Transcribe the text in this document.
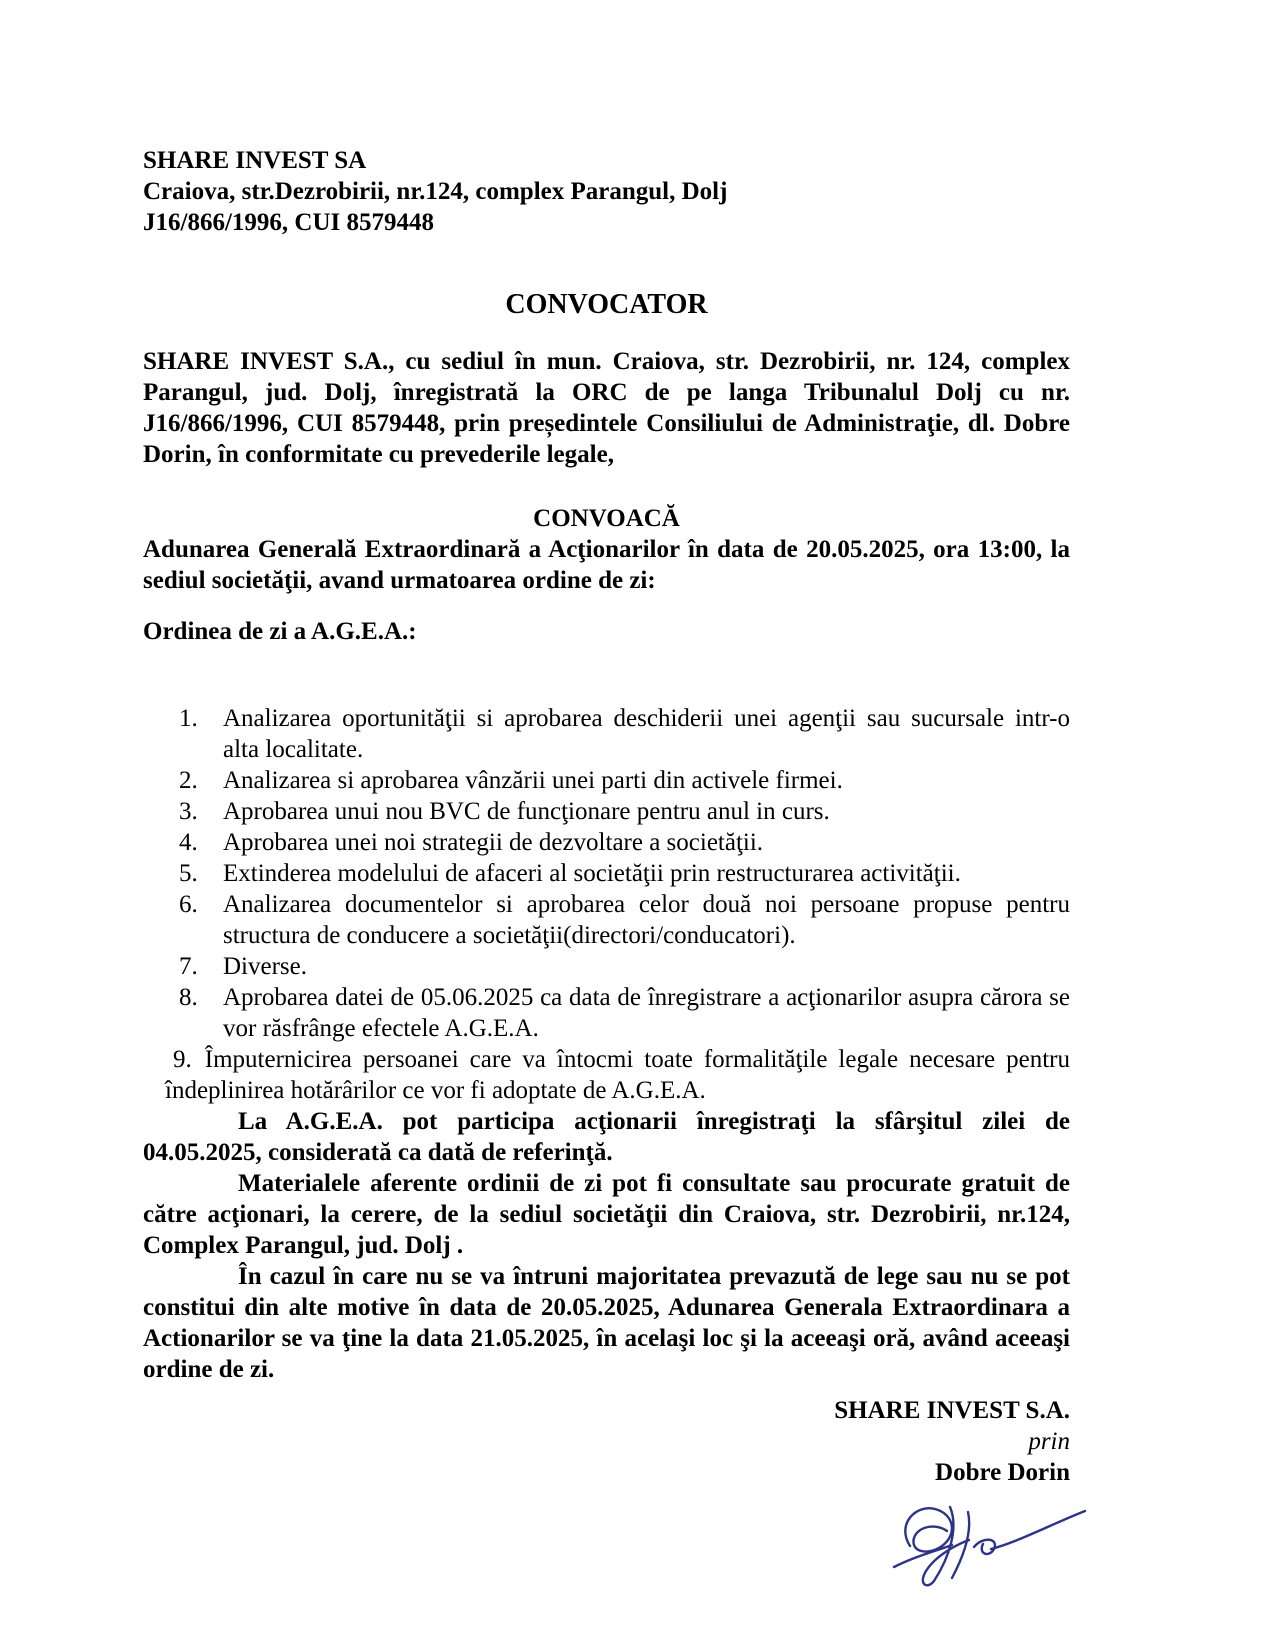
SHARE INVEST SA
Craiova, str.Dezrobirii, nr.124, complex Parangul, Dolj
J16/866/1996, CUI 8579448
CONVOCATOR
SHARE INVEST S.A., cu sediul în mun. Craiova, str. Dezrobirii, nr. 124, complex Parangul, jud. Dolj, înregistrată la ORC de pe langa Tribunalul Dolj cu nr. J16/866/1996, CUI 8579448, prin președintele Consiliului de Administraţie, dl. Dobre Dorin, în conformitate cu prevederile legale,
CONVOACĂ
Adunarea Generală Extraordinară a Acţionarilor în data de 20.05.2025, ora 13:00, la sediul societăţii, avand urmatoarea ordine de zi:
Ordinea de zi a A.G.E.A.:
1. Analizarea oportunităţii si aprobarea deschiderii unei agenţii sau sucursale intr-o alta localitate.
2. Analizarea si aprobarea vânzării unei parti din activele firmei.
3. Aprobarea unui nou BVC de funcţionare pentru anul in curs.
4. Aprobarea unei noi strategii de dezvoltare a societăţii.
5. Extinderea modelului de afaceri al societăţii prin restructurarea activităţii.
6. Analizarea documentelor si aprobarea celor două noi persoane propuse pentru structura de conducere a societăţii(directori/conducatori).
7. Diverse.
8. Aprobarea datei de 05.06.2025 ca data de înregistrare a acţionarilor asupra cărora se vor răsfrânge efectele A.G.E.A.
9. Împuternicirea persoanei care va întocmi toate formalităţile legale necesare pentru îndeplinirea hotărârilor ce vor fi adoptate de A.G.E.A.

La A.G.E.A. pot participa acţionarii înregistraţi la sfârşitul zilei de 04.05.2025, considerată ca dată de referinţă.

Materialele aferente ordinii de zi pot fi consultate sau procurate gratuit de către acţionari, la cerere, de la sediul societăţii din Craiova, str. Dezrobirii, nr.124, Complex Parangul, jud. Dolj .

În cazul în care nu se va întruni majoritatea prevazută de lege sau nu se pot constitui din alte motive în data de 20.05.2025, Adunarea Generala Extraordinara a Actionarilor se va ţine la data 21.05.2025, în acelaşi loc şi la aceeaşi oră, având aceeaşi ordine de zi.

SHARE INVEST S.A.
prin
Dobre Dorin
